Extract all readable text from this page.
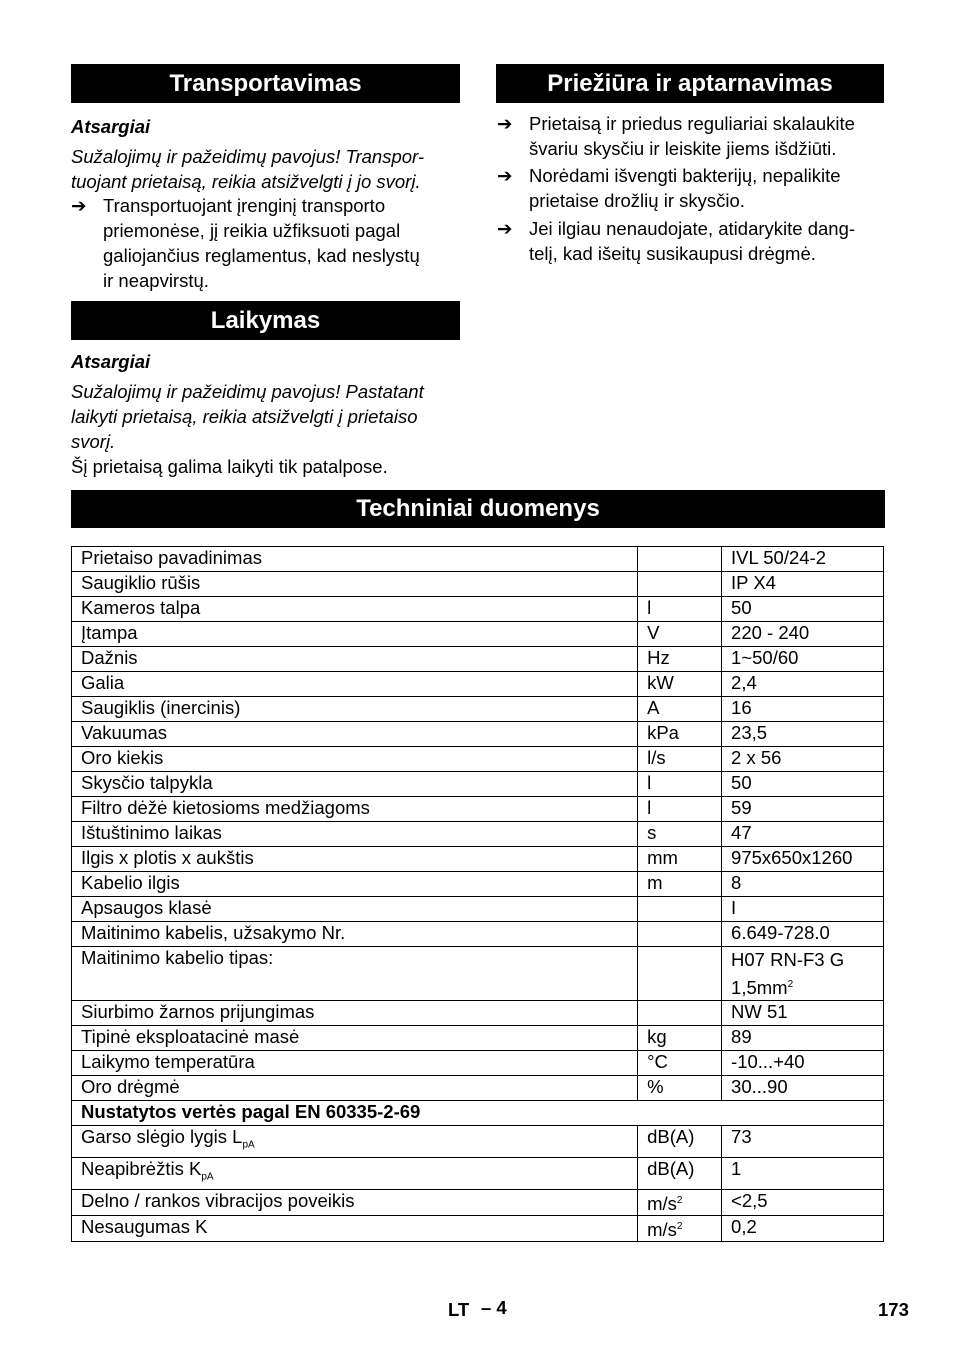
Transportavimas
Atsargiai
Sužalojimų ir pažeidimų pavojus! Transpor-
tuojant prietaisą, reikia atsižvelgti į jo svorį.
➔ Transportuojant įrenginį transporto
priemonėse, jį reikia užfiksuoti pagal
galiojančius reglamentus, kad neslystų
ir neapvirstų.
Laikymas
Atsargiai
Sužalojimų ir pažeidimų pavojus! Pastatant
laikyti prietaisą, reikia atsižvelgti į prietaiso
svorį.
Šį prietaisą galima laikyti tik patalpose.
Priežiūra ir aptarnavimas
➔ Prietaisą ir priedus reguliariai skalaukite
švariu skysčiu ir leiskite jiems išdžiūti.
➔ Norėdami išvengti bakterijų, nepalikite
prietaise drožlių ir skysčio.
➔ Jei ilgiau nenaudojate, atidarykite dang-
telį, kad išeitų susikaupusi drėgmė.
Techniniai duomenys
Prietaiso pavadinimas		IVL 50/24-2
Saugiklio rūšis		IP X4
Kameros talpa	l	50
Įtampa	V	220 - 240
Dažnis	Hz	1~50/60
Galia	kW	2,4
Saugiklis (inercinis)	A	16
Vakuumas	kPa	23,5
Oro kiekis	l/s	2 x 56
Skysčio talpykla	l	50
Filtro dėžė kietosioms medžiagoms	l	59
Ištuštinimo laikas	s	47
Ilgis x plotis x aukštis	mm	975x650x1260
Kabelio ilgis	m	8
Apsaugos klasė		I
Maitinimo kabelis, užsakymo Nr.		6.649-728.0
Maitinimo kabelio tipas:		H07 RN-F3 G
$1,5mm^2$
Siurbimo žarnos prijungimas		NW 51
Tipinė eksploatacinė masė	kg	89
Laikymo temperatūra	°C	-10...+40
Oro drėgmė	%	30...90
Nustatytos vertės pagal EN 60335-2-69		
Garso slėgio lygis $L_{pA}$	dB(A)	73
Neapibrėžtis $K_{pA}$	dB(A)	1
Delno / rankos vibracijos poveikis	$m/s^2$	<2,5
Nesaugumas K	$m/s^2$	0,2
LT – 4	173
